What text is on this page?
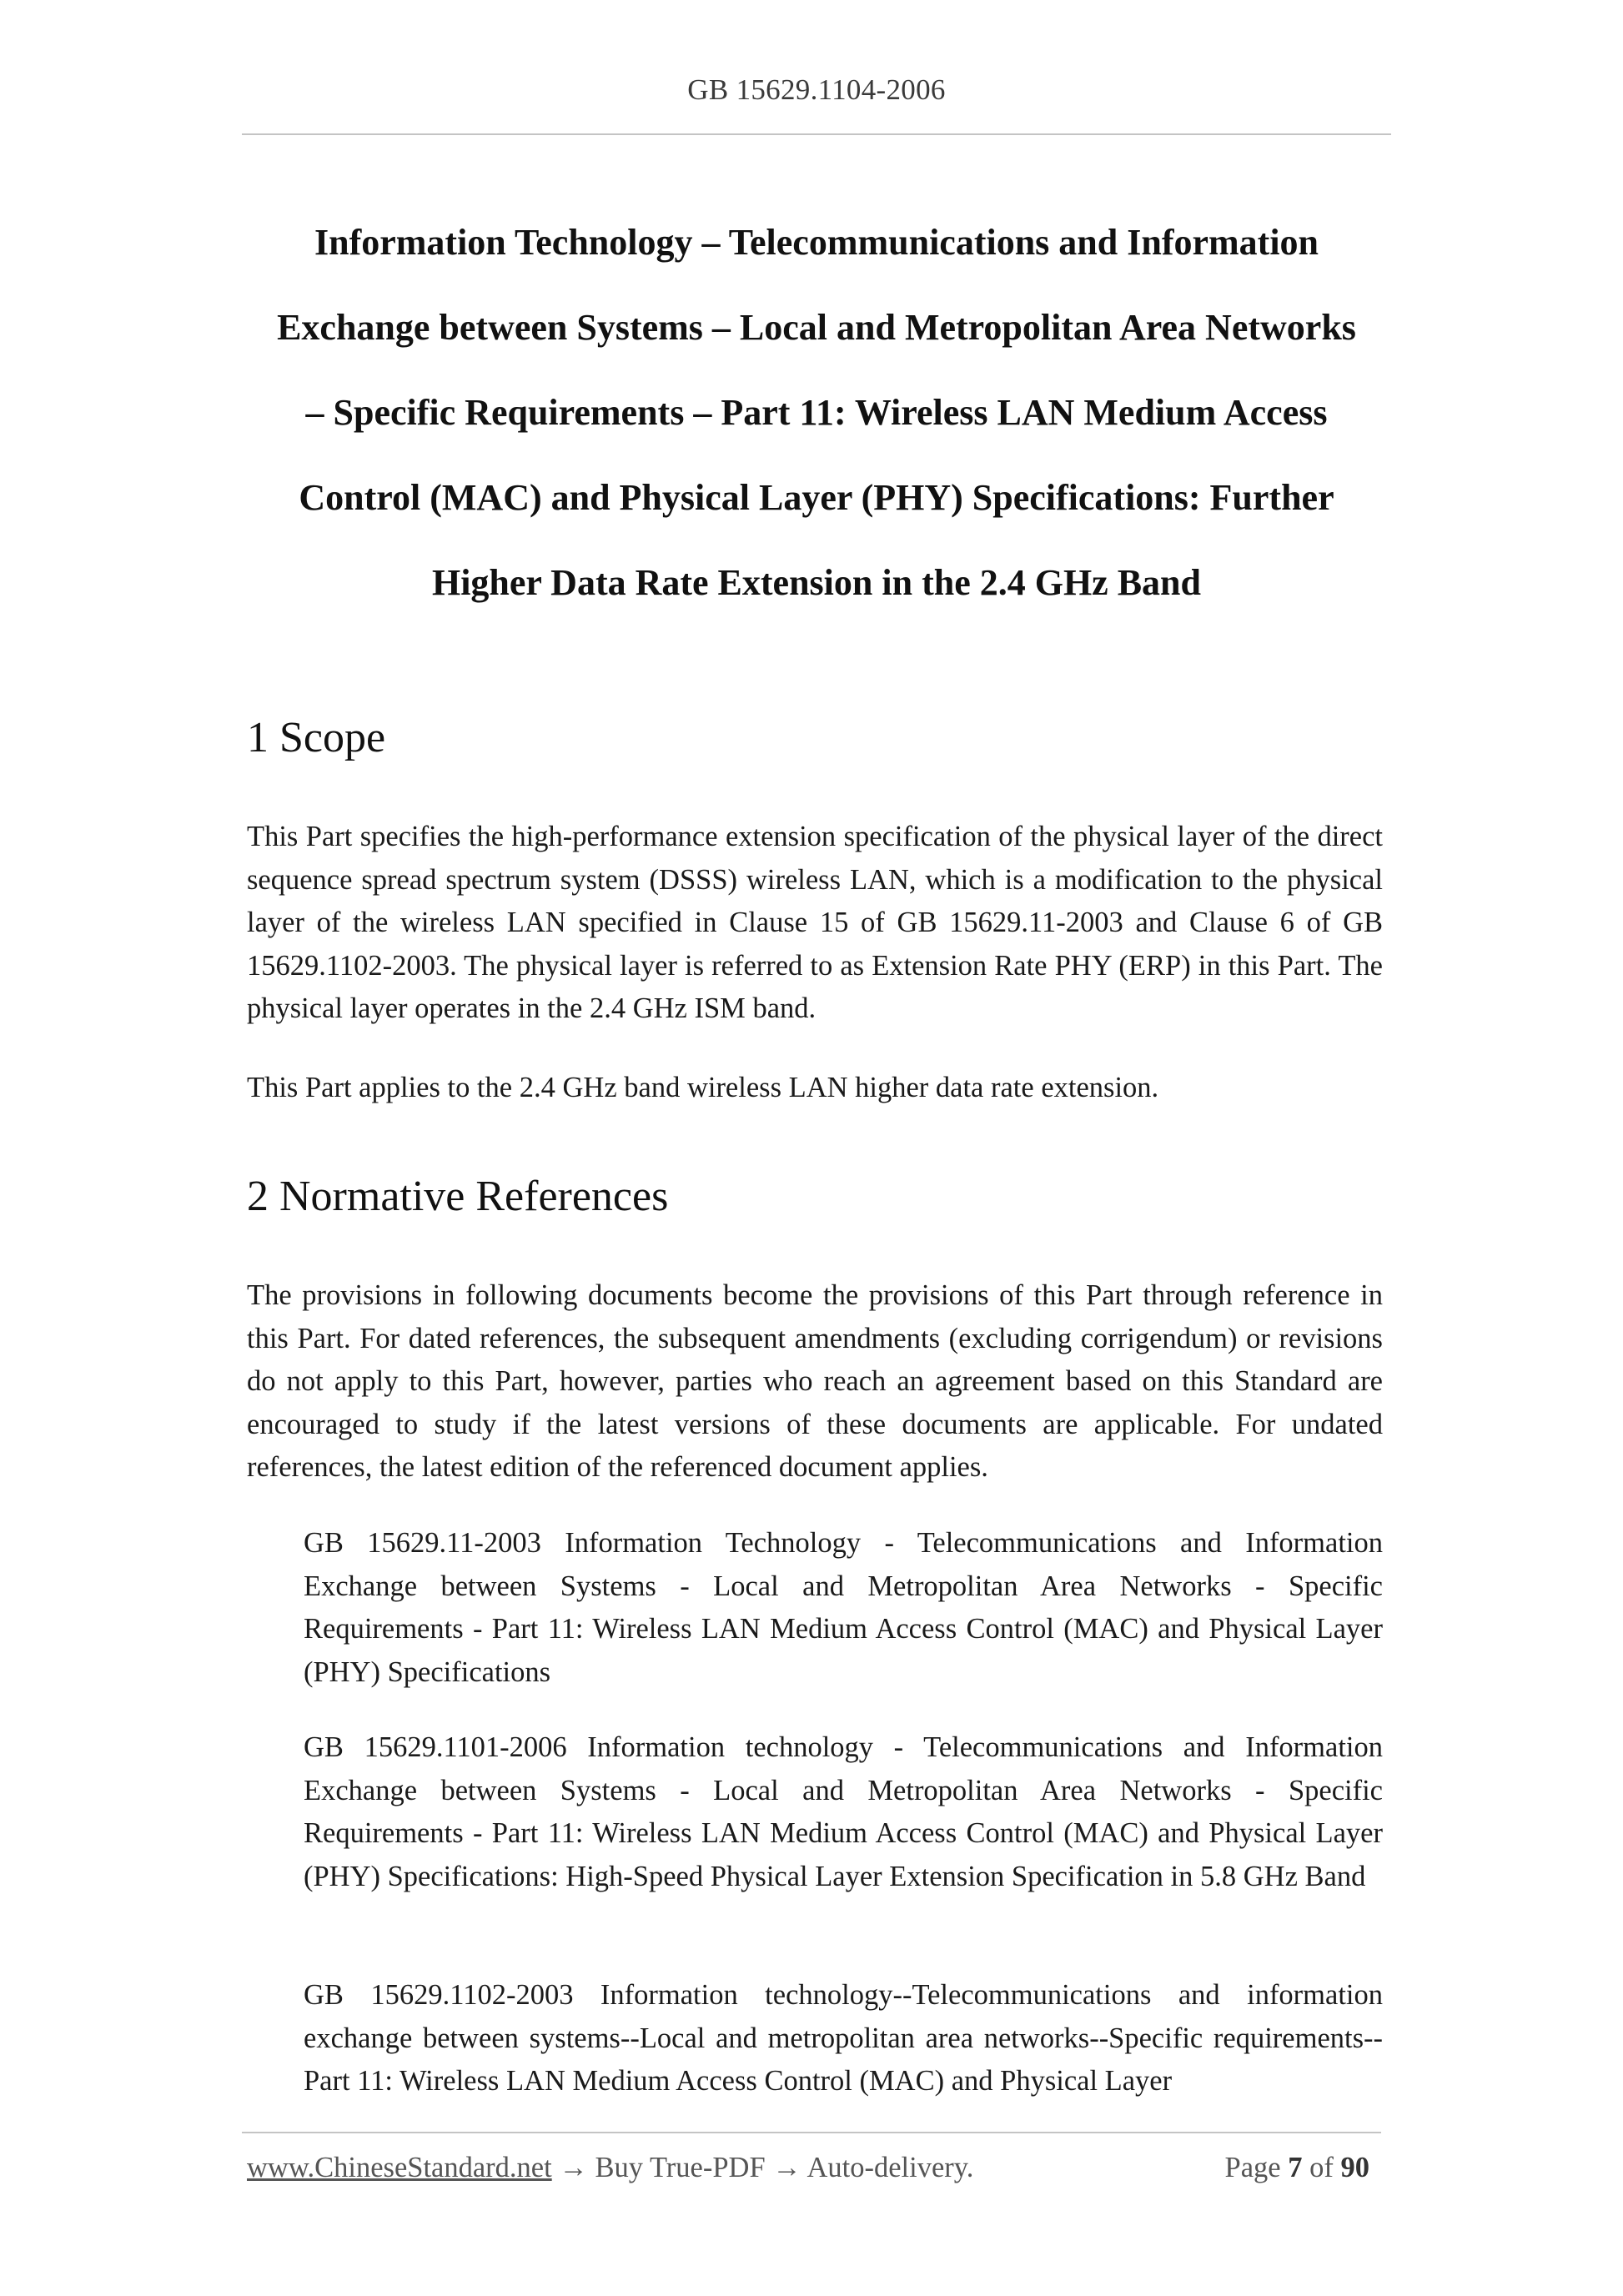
GB 15629.1104-2006
Information Technology – Telecommunications and Information
Exchange between Systems – Local and Metropolitan Area Networks
– Specific Requirements – Part 11: Wireless LAN Medium Access
Control (MAC) and Physical Layer (PHY) Specifications: Further
Higher Data Rate Extension in the 2.4 GHz Band
1 Scope
This Part specifies the high-performance extension specification of the physical layer of the direct sequence spread spectrum system (DSSS) wireless LAN, which is a modification to the physical layer of the wireless LAN specified in Clause 15 of GB 15629.11-2003 and Clause 6 of GB 15629.1102-2003. The physical layer is referred to as Extension Rate PHY (ERP) in this Part. The physical layer operates in the 2.4 GHz ISM band.
This Part applies to the 2.4 GHz band wireless LAN higher data rate extension.
2 Normative References
The provisions in following documents become the provisions of this Part through reference in this Part. For dated references, the subsequent amendments (excluding corrigendum) or revisions do not apply to this Part, however, parties who reach an agreement based on this Standard are encouraged to study if the latest versions of these documents are applicable. For undated references, the latest edition of the referenced document applies.
GB 15629.11-2003 Information Technology - Telecommunications and Information Exchange between Systems - Local and Metropolitan Area Networks - Specific Requirements - Part 11: Wireless LAN Medium Access Control (MAC) and Physical Layer (PHY) Specifications
GB 15629.1101-2006 Information technology - Telecommunications and Information Exchange between Systems - Local and Metropolitan Area Networks - Specific Requirements - Part 11: Wireless LAN Medium Access Control (MAC) and Physical Layer (PHY) Specifications: High-Speed Physical Layer Extension Specification in 5.8 GHz Band
GB 15629.1102-2003 Information technology--Telecommunications and information exchange between systems--Local and metropolitan area networks--Specific requirements--Part 11: Wireless LAN Medium Access Control (MAC) and Physical Layer
www.ChineseStandard.net → Buy True-PDF → Auto-delivery.	Page 7 of 90
